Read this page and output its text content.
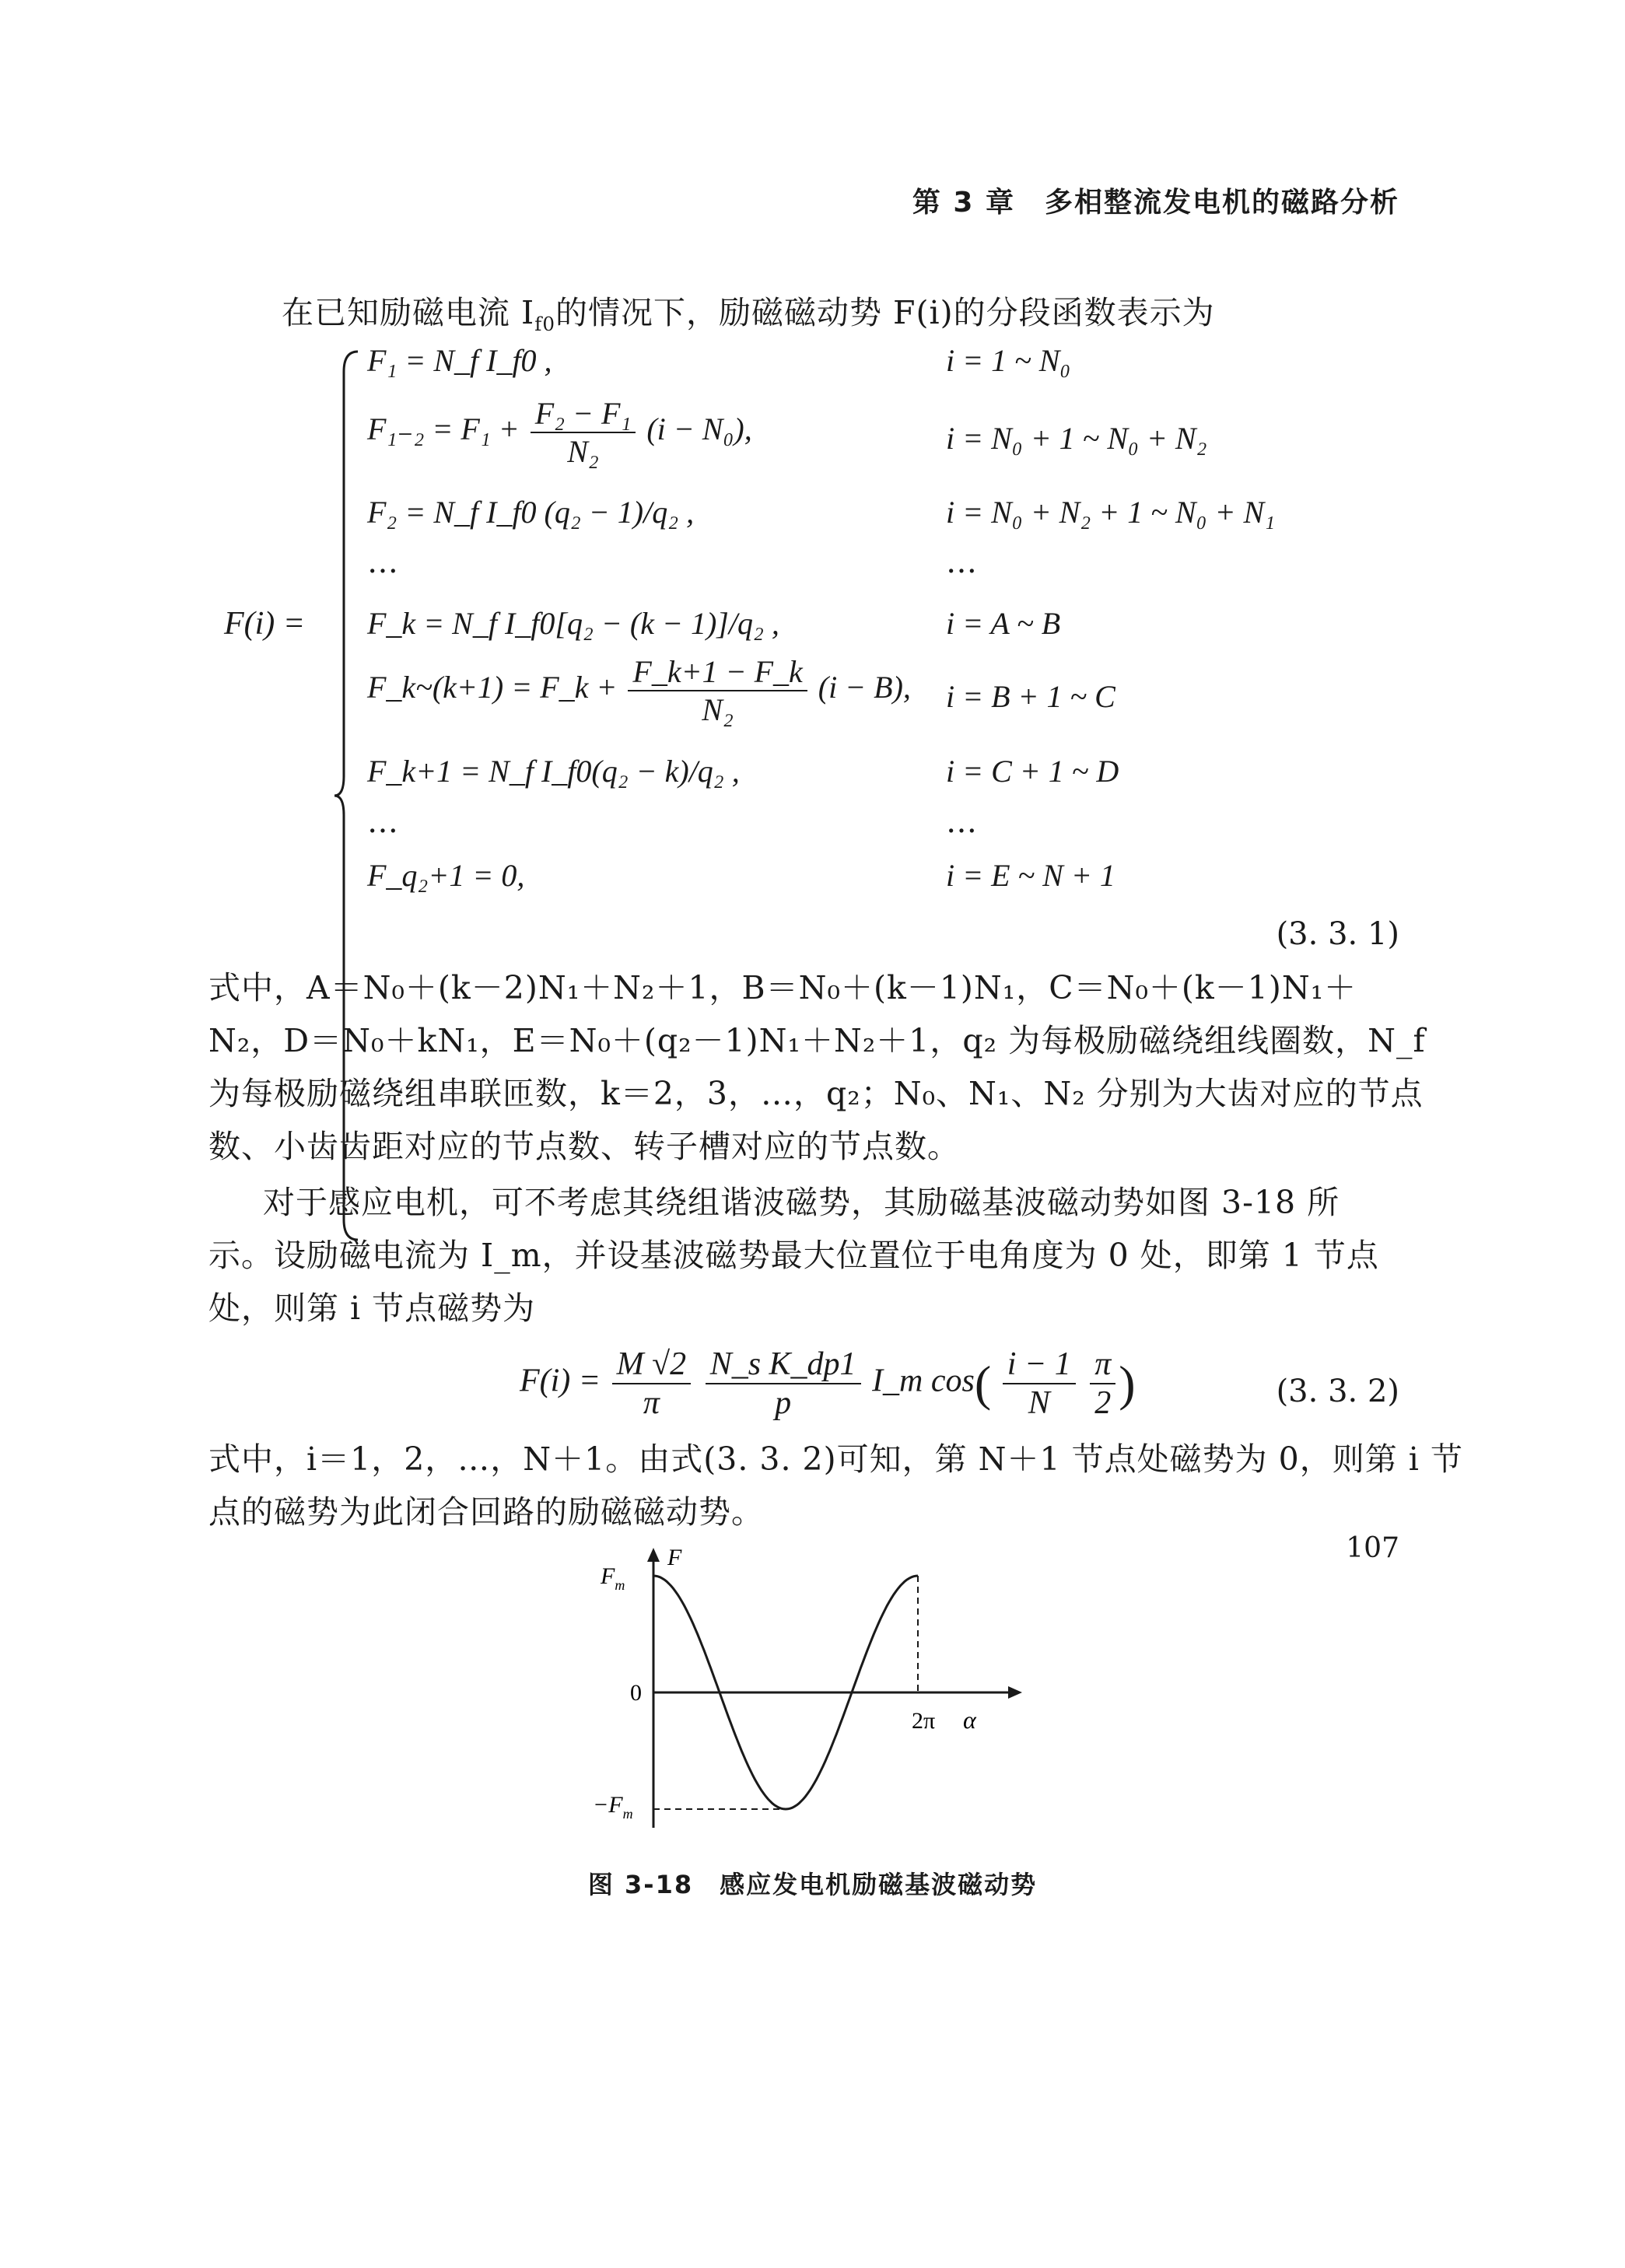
第 3 章　多相整流发电机的磁路分析
在已知励磁电流 $I_{f0}$的情况下，励磁磁动势 F(i)的分段函数表示为
F(i) =
F₁ = N_f I_f0 ,	i = 1 ~ N₀
$F_{1-2} = F_1 + \frac{\text{F₂ − F₁}}{\text{N₂}} (i - N_0)$,	i = N₀ + 1 ~ N₀ + N₂
F₂ = N_f I_f0 (q₂ − 1)/q₂ ,	i = N₀ + N₂ + 1 ~ N₀ + N₁
…	…
F_k = N_f I_f0[q₂ − (k − 1)]/q₂ ,	i = A ~ B
F_k~(k+1) = F_k + $\frac{F\_k+1 - F\_k}{\text{N₂}} (i - B)$, i = B + 1 ~ C
F_k+1 = N_f I_f0(q₂ − k)/q₂ ,	i = C + 1 ~ D
…	…
F_q₂+1 = 0,	i = E ~ N + 1
(3. 3. 1)
式中，A＝N₀＋(k－2)N₁＋N₂＋1，B＝N₀＋(k－1)N₁，C＝N₀＋(k－1)N₁＋
N₂，D＝N₀＋kN₁，E＝N₀＋(q₂－1)N₁＋N₂＋1，q₂ 为每极励磁绕组线圈数，N_f
为每极励磁绕组串联匝数，k＝2，3，…，q₂；N₀、N₁、N₂ 分别为大齿对应的节点
数、小齿齿距对应的节点数、转子槽对应的节点数。
对于感应电机，可不考虑其绕组谐波磁势，其励磁基波磁动势如图 3-18 所
示。设励磁电流为 I_m，并设基波磁势最大位置位于电角度为 0 处，即第 1 节点
处，则第 i 节点磁势为
$F(i) = \frac{M √2}{\pi}$
$\frac{\text{N\_s K\_dp1}}{p}$ I_m $\cos( \frac{i - 1}{N}$
$\frac{\pi}{2}$ )	(3. 3. 2)
式中，i＝1，2，…，N＋1。由式(3. 3. 2)可知，第 N＋1 节点处磁势为 0，则第 i 节
点的磁势为此闭合回路的励磁磁动势。
F
$F_m$
0
$-F_m$
2π α
图 3-18　感应发电机励磁基波磁动势
107
